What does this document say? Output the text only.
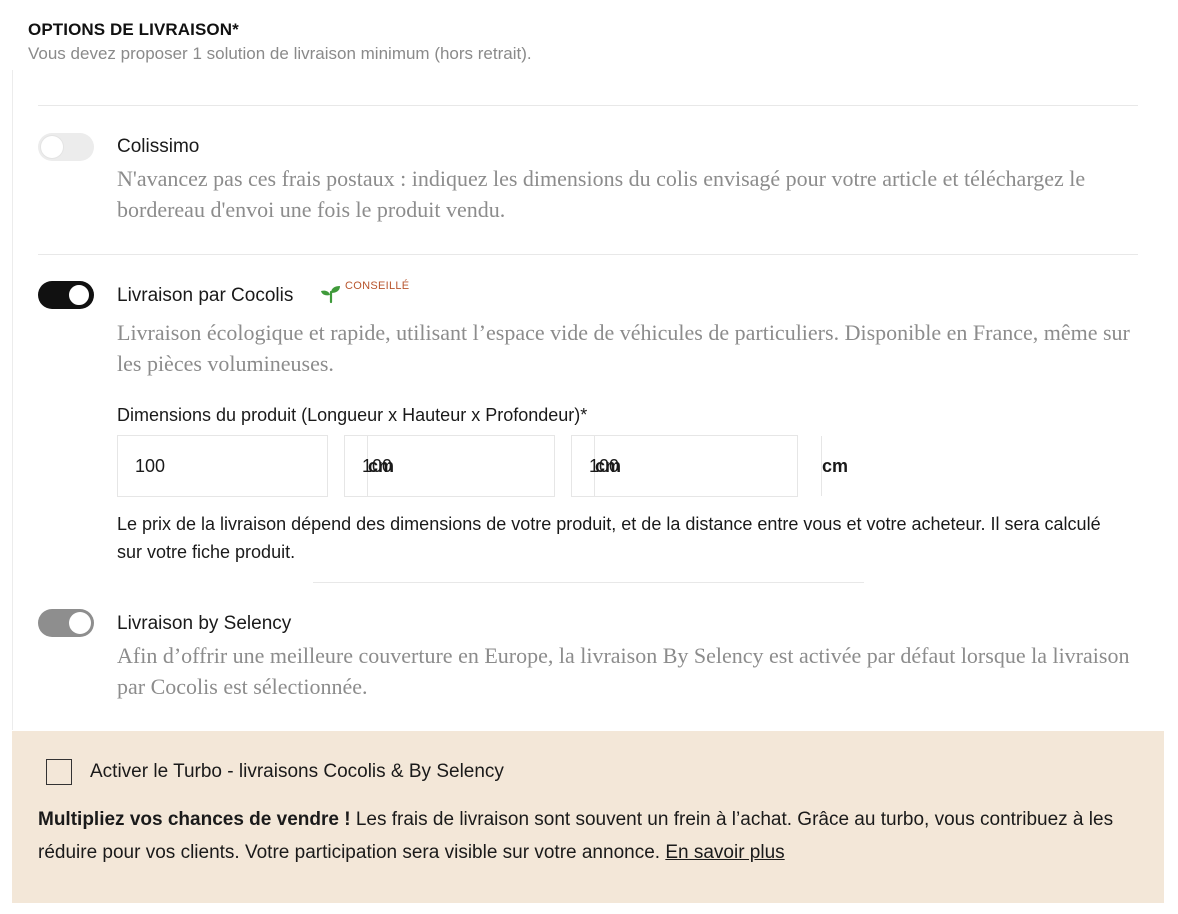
OPTIONS DE LIVRAISON*
Vous devez proposer 1 solution de livraison minimum (hors retrait).
Colissimo
N'avancez pas ces frais postaux : indiquez les dimensions du colis envisagé pour votre article et téléchargez le bordereau d'envoi une fois le produit vendu.
Livraison par Cocolis	CONSEILLÉ
Livraison écologique et rapide, utilisant l’espace vide de véhicules de particuliers. Disponible en France, même sur les pièces volumineuses.
Dimensions du produit (Longueur x Hauteur x Profondeur)*
100
cm
100	cm
100	cm
Le prix de la livraison dépend des dimensions de votre produit, et de la distance entre vous et votre acheteur. Il sera calculé sur votre fiche produit.
Livraison by Selency
Afin d’offrir une meilleure couverture en Europe, la livraison By Selency est activée par défaut lorsque la livraison par Cocolis est sélectionnée.
Activer le Turbo - livraisons Cocolis & By Selency
Multipliez vos chances de vendre ! Les frais de livraison sont souvent un frein à l’achat. Grâce au turbo, vous contribuez à les réduire pour vos clients. Votre participation sera visible sur votre annonce. En savoir plus
